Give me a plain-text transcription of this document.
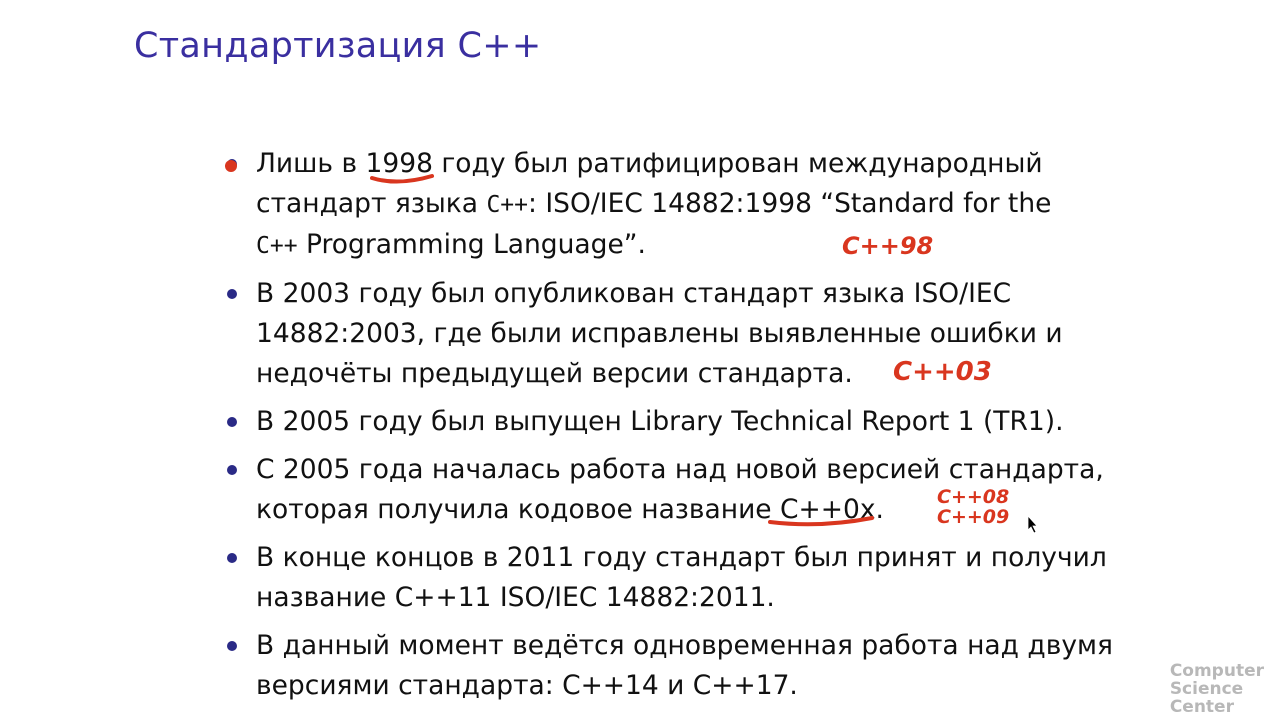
Стандартизация C++
Лишь в 1998 году был ратифицирован международный
стандарт языка C++: ISO/IEC 14882:1998 “Standard for the
C++ Programming Language”.
В 2003 году был опубликован стандарт языка ISO/IEC 14882:2003, где были исправлены выявленные ошибки и недочёты предыдущей версии стандарта.
В 2005 году был выпущен Library Technical Report 1 (TR1).
С 2005 года началась работа над новой версией стандарта, которая получила кодовое название C++0x.
В конце концов в 2011 году стандарт был принят и получил название C++11 ISO/IEC 14882:2011.
В данный момент ведётся одновременная работа над двумя версиями стандарта: C++14 и C++17.
C++98
C++03
C++08
C++09
Computer
Science
Center
